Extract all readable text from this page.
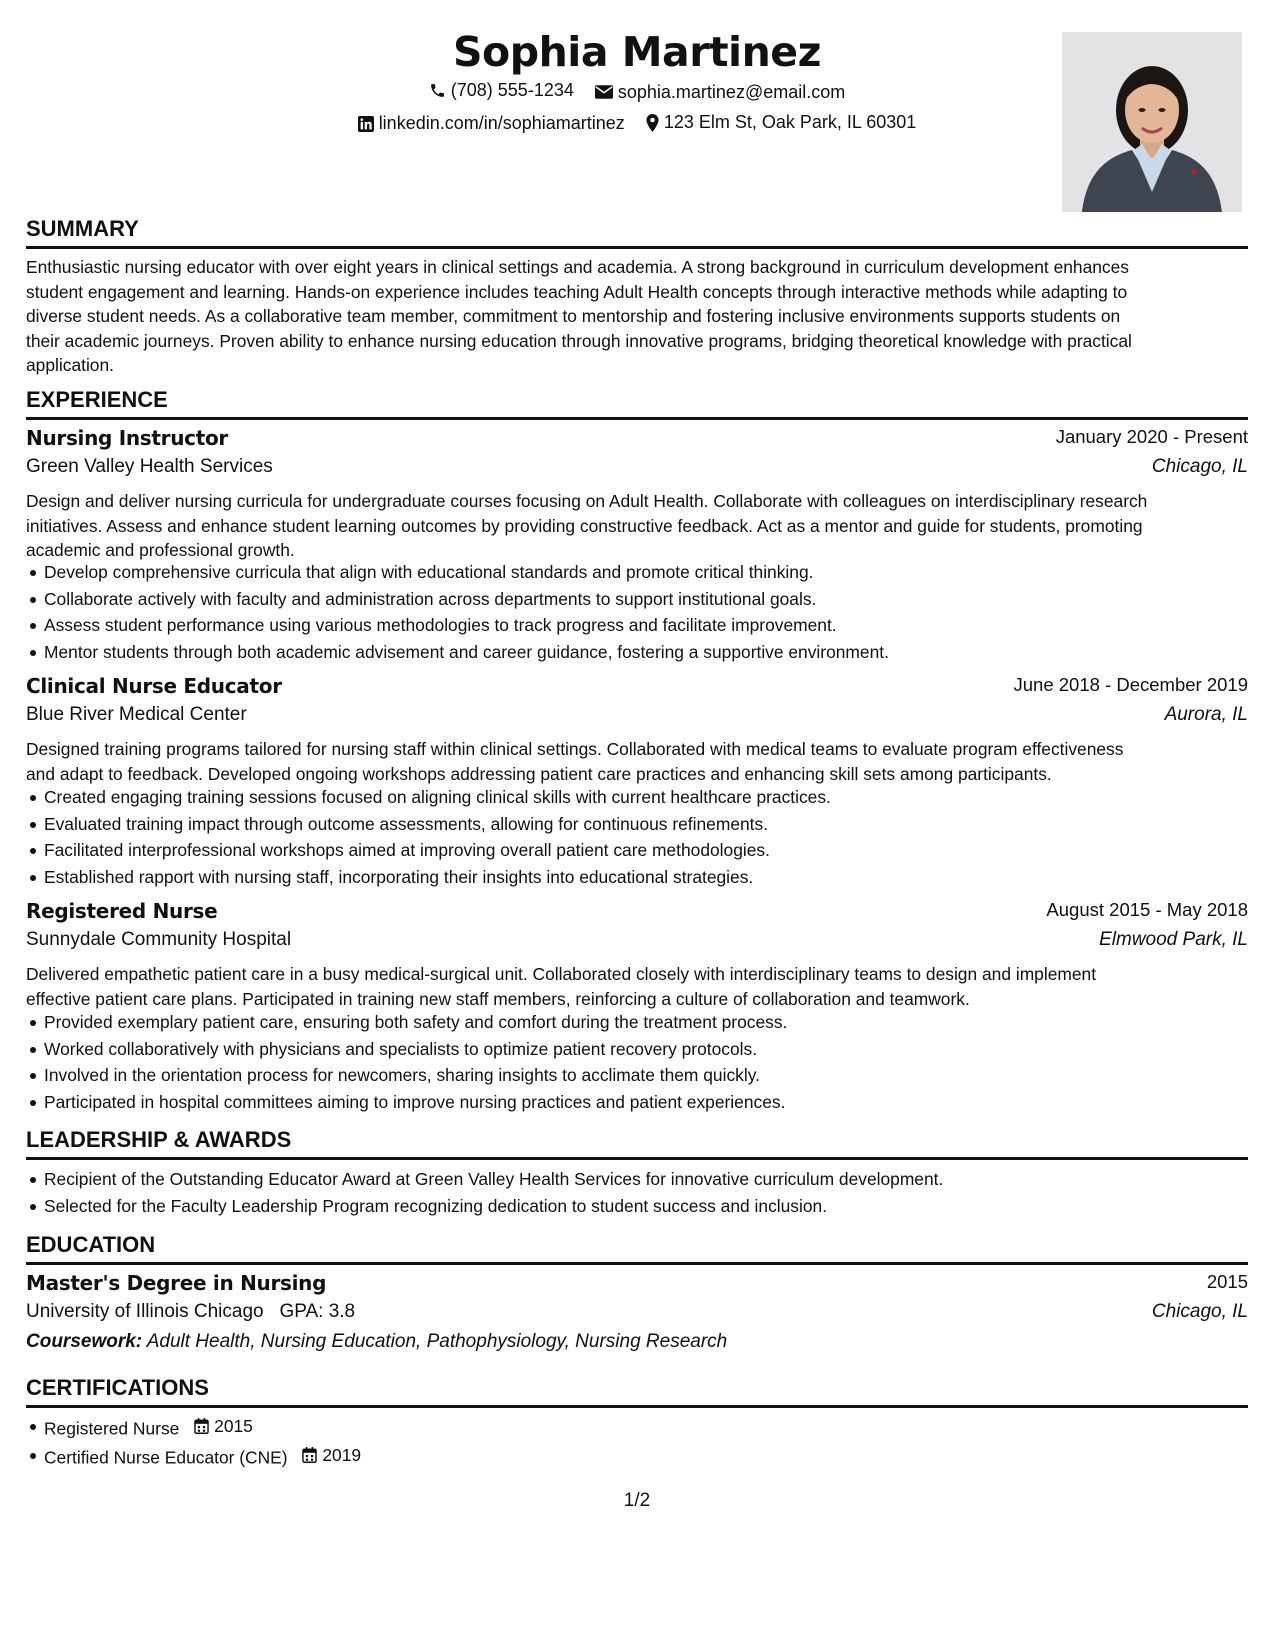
Sophia Martinez
(708) 555-1234
sophia.martinez@email.com
linkedin.com/in/sophiamartinez
123 Elm St, Oak Park, IL 60301
SUMMARY
Enthusiastic nursing educator with over eight years in clinical settings and academia. A strong background in curriculum development enhances
student engagement and learning. Hands-on experience includes teaching Adult Health concepts through interactive methods while adapting to
diverse student needs. As a collaborative team member, commitment to mentorship and fostering inclusive environments supports students on
their academic journeys. Proven ability to enhance nursing education through innovative programs, bridging theoretical knowledge with practical
application.
EXPERIENCE
Nursing Instructor	January 2020 - Present
Green Valley Health Services	Chicago, IL
Design and deliver nursing curricula for undergraduate courses focusing on Adult Health. Collaborate with colleagues on interdisciplinary research
initiatives. Assess and enhance student learning outcomes by providing constructive feedback. Act as a mentor and guide for students, promoting
academic and professional growth.
Develop comprehensive curricula that align with educational standards and promote critical thinking.
Collaborate actively with faculty and administration across departments to support institutional goals.
Assess student performance using various methodologies to track progress and facilitate improvement.
Mentor students through both academic advisement and career guidance, fostering a supportive environment.
Clinical Nurse Educator	June 2018 - December 2019
Blue River Medical Center	Aurora, IL
Designed training programs tailored for nursing staff within clinical settings. Collaborated with medical teams to evaluate program effectiveness
and adapt to feedback. Developed ongoing workshops addressing patient care practices and enhancing skill sets among participants.
Created engaging training sessions focused on aligning clinical skills with current healthcare practices.
Evaluated training impact through outcome assessments, allowing for continuous refinements.
Facilitated interprofessional workshops aimed at improving overall patient care methodologies.
Established rapport with nursing staff, incorporating their insights into educational strategies.
Registered Nurse	August 2015 - May 2018
Sunnydale Community Hospital	Elmwood Park, IL
Delivered empathetic patient care in a busy medical-surgical unit. Collaborated closely with interdisciplinary teams to design and implement
effective patient care plans. Participated in training new staff members, reinforcing a culture of collaboration and teamwork.
Provided exemplary patient care, ensuring both safety and comfort during the treatment process.
Worked collaboratively with physicians and specialists to optimize patient recovery protocols.
Involved in the orientation process for newcomers, sharing insights to acclimate them quickly.
Participated in hospital committees aiming to improve nursing practices and patient experiences.
LEADERSHIP & AWARDS
Recipient of the Outstanding Educator Award at Green Valley Health Services for innovative curriculum development.
Selected for the Faculty Leadership Program recognizing dedication to student success and inclusion.
EDUCATION
Master's Degree in Nursing	2015
University of Illinois Chicago GPA: 3.8	Chicago, IL
Coursework: Adult Health, Nursing Education, Pathophysiology, Nursing Research
CERTIFICATIONS
Registered Nurse 2015
Certified Nurse Educator (CNE) 2019
1/2
